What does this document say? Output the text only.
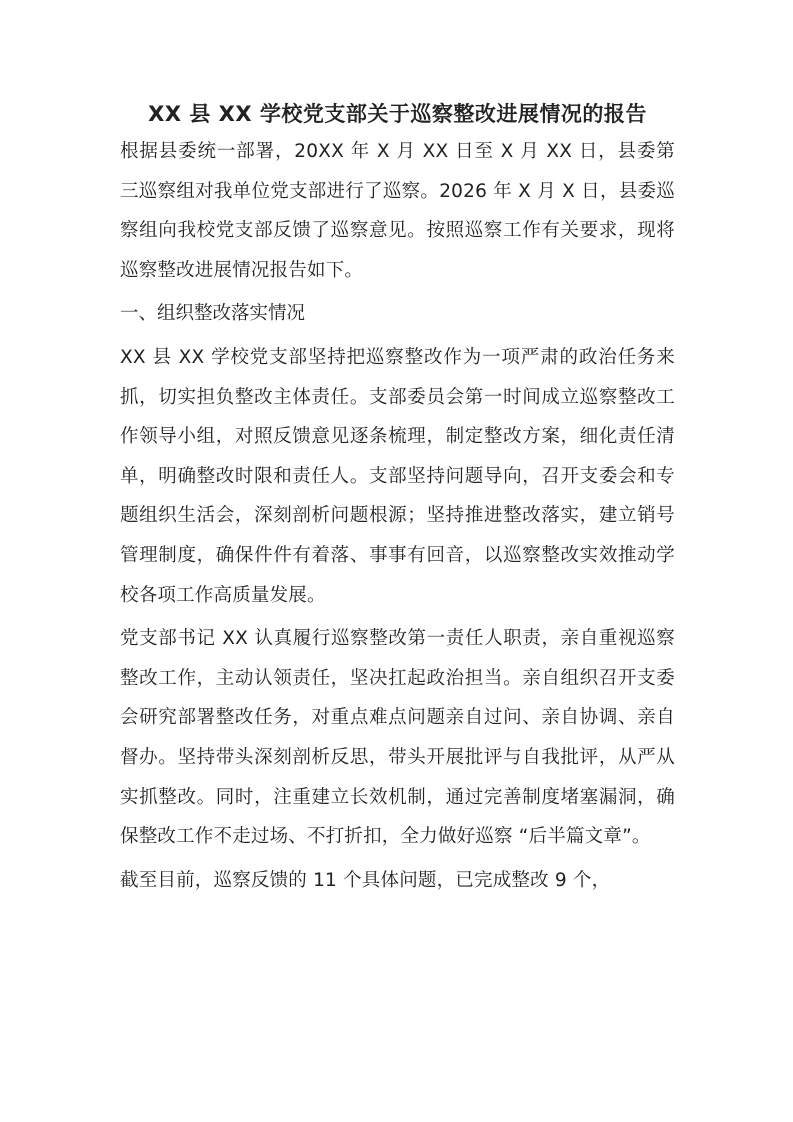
XX 县 XX 学校党支部关于巡察整改进展情况的报告

根据县委统一部署，20XX 年 X 月 XX 日至 X 月 XX 日，县委第三巡察组对我单位党支部进行了巡察。2026 年 X 月 X 日，县委巡察组向我校党支部反馈了巡察意见。按照巡察工作有关要求，现将巡察整改进展情况报告如下。

一、组织整改落实情况

XX 县 XX 学校党支部坚持把巡察整改作为一项严肃的政治任务来抓，切实担负整改主体责任。支部委员会第一时间成立巡察整改工作领导小组，对照反馈意见逐条梳理，制定整改方案，细化责任清单，明确整改时限和责任人。支部坚持问题导向，召开支委会和专题组织生活会，深刻剖析问题根源；坚持推进整改落实，建立销号管理制度，确保件件有着落、事事有回音，以巡察整改实效推动学校各项工作高质量发展。

党支部书记 XX 认真履行巡察整改第一责任人职责，亲自重视巡察整改工作，主动认领责任，坚决扛起政治担当。亲自组织召开支委会研究部署整改任务，对重点难点问题亲自过问、亲自协调、亲自督办。坚持带头深刻剖析反思，带头开展批评与自我批评，从严从实抓整改。同时，注重建立长效机制，通过完善制度堵塞漏洞，确保整改工作不走过场、不打折扣，全力做好巡察 “后半篇文章”。

截至目前，巡察反馈的 11 个具体问题，已完成整改 9 个，
